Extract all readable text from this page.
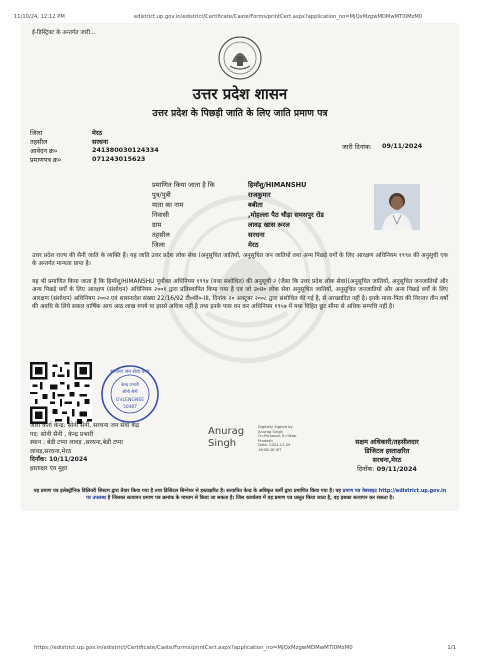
11/10/24, 12:12 PM	edistrict.up.gov.in/edistrict/Certificate/Caste/Forms/printCert.aspx?application_no=MjQxMzgwMDMwMTI0MzM0
ई-डिस्ट्रिक्ट के अन्तर्गत जारी...
उत्तर प्रदेश शासन
उत्तर प्रदेश के पिछड़ी जाति के लिए जाति प्रमाण पत्र
जिला	मेरठ
तहसील	सरधना
आवेदन क्र०	241380030124334
प्रमाणपत्र क्र०	071243015623
जारी दिनांक: 09/11/2024
प्रमाणित किया जाता है कि	हिमाँशु/HIMANSHU
पुत्र/पुत्री	राजकुमार
माता का नाम	बबीता
निवासी	,मोहल्ला पैठ चौड़ा समसपुर रोड
ग्राम	लावड़ खास रूरल
तहसील	सरधना
जिला	मेरठ
उत्तर प्रदेश राज्य की सैनी जाति के व्यक्ति हैं। यह जाति उत्तर प्रदेश लोक सेवा (अनुसूचित जातियों, अनुसूचित जन जातियों तथा अन्य पिछड़े वर्गों के लिए आरक्षण अधिनियम १९९४ की अनुसूची एक के अन्तर्गत मान्यता प्राप्त है।
यह भी प्रमाणित किया जाता है कि हिमाँशु/HIMANSHU पूर्वोक्त अधिनियम १९९४ (यथा संशोधित) की अनुसूची २ (जैसा कि उत्तर प्रदेश लोक सेवा)(अनुसूचित जातियों, अनुसूचित जनजातियों और अन्य पिछड़े वर्गों के लिए आरक्षण (संशोधन) अधिनियम २००१ द्वारा प्रतिस्थापित किया गया है एवं जो उ०प्र० लोक सेवा अनुसूचित जातियों, अनुसूचित जनजातियों और अन्य पिछड़े वर्गों के लिए आरक्षण (संशोधन) अधिनियम २००२ एवं शासनादेश संख्या 22/16/92 टी०सी०-III, दिनांक २० अक्टूबर २००८ द्वारा संशोधित की गई है, से आच्छादित नहीं है। इनके माता-पिता की निरन्तर तीन वर्षों की अवधि के लिये सकल वार्षिक आय आठ लाख रुपये या इससे अधिक नहीं है तथा इनके पास धन कर अधिनियम १९५७ में यथा विहित छूट सीमा से अधिक सम्पत्ति नहीं है।
सरधना जन सेवा केन्द्र
केन्द्र प्रभारी
सौनी सैनी
GVLENGNEE
50487
जारी कर्ता केन्द्र: सोनी सैनी, सरधना जन सेवा केंद्र
पद: सोनी सैनी , केन्द्र प्रभारी
स्थान : बेडी टप्पा लावड़ ,सरधना,बेडी टप्पा
लावड़,सरधना,मेरठ
दिनाँक: 10/11/2024
हस्ताक्षर एंव मुहर
Anurag
Singh
Digitally Signed by
Anurag Singh
O=Personal, S=Uttar
Pradesh
Date: 2024.11.09
16:08:18 IST
सक्षम अधिकारी/तहसीलदार
डिजिटल हस्ताक्षरित
सरधना,मेरठ
दिनाँक: 09/11/2024
यह प्रमाण पत्र इलेक्ट्रॉनिक डिलिवरी सिस्टम द्वारा तैयार किया गया है तथा डिजिटल सिग्नेचर से हस्ताक्षरित है। सत्यापित केन्द्र के अधिकृत कर्मी द्वारा प्रमाणित किया गया है। यह प्रमाण पत्र वेबसाइट http://edistrict.up.gov.in पर उपलब्ध है जिसका सत्यापन प्रमाण पत्र क्रमांक के माध्यम से किया जा सकता है। जिस कार्यालय में यह प्रमाण पत्र प्रस्तुत किया जाता है, वह इसका सत्यापन कर सकता है।
https://edistrict.up.gov.in/edistrict/Certificate/Caste/Forms/printCert.aspx?application_no=MjQxMzgwMDMwMTI0MzM0	1/1
